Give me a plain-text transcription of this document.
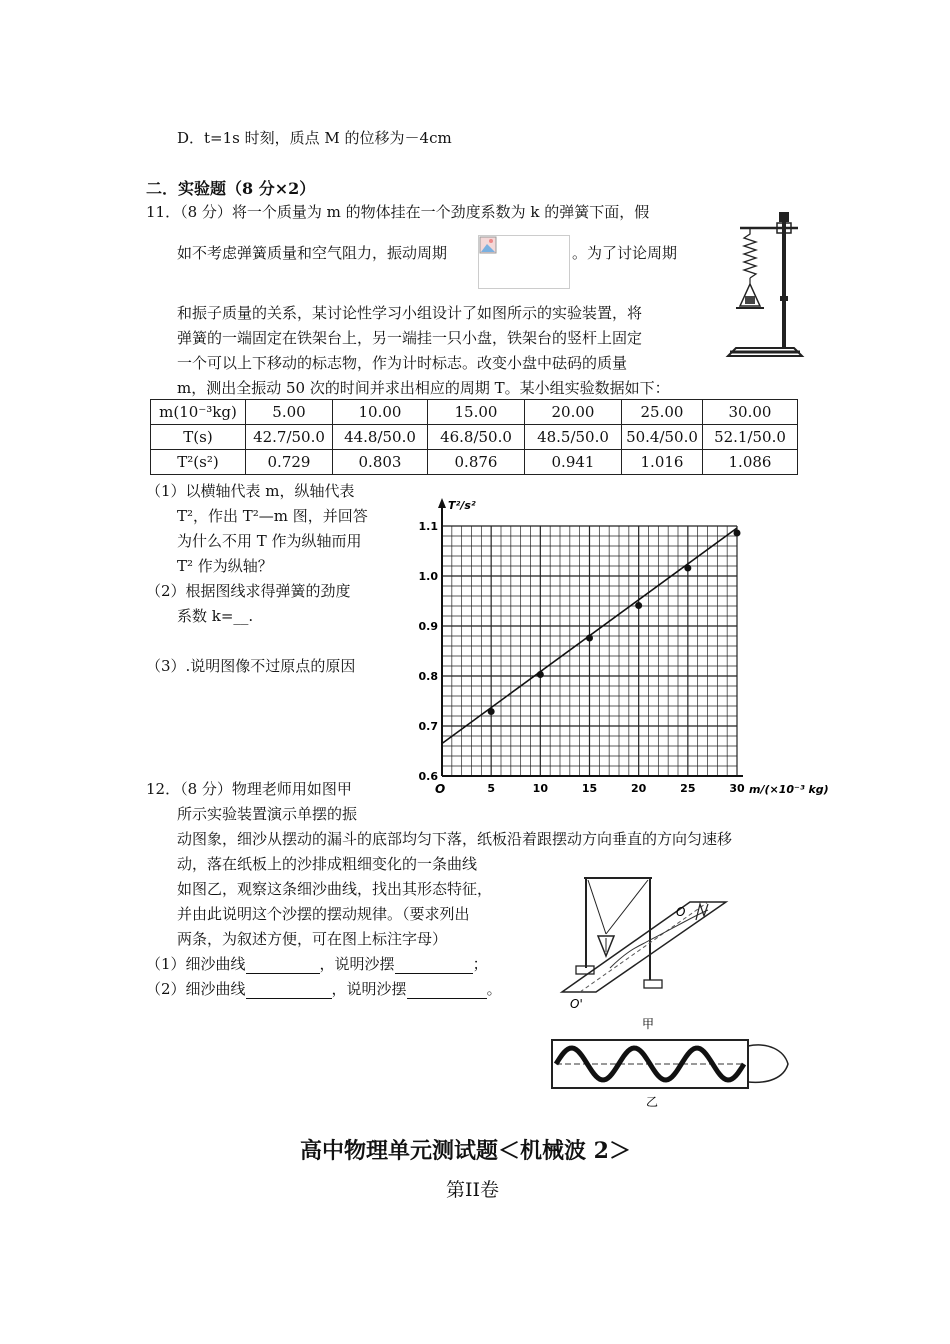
D．t=1s 时刻，质点 M 的位移为－4cm
二．实验题（8 分×2）
11．（8 分）将一个质量为 m 的物体挂在一个劲度系数为 k 的弹簧下面，假
如不考虑弹簧质量和空气阻力，振动周期	。为了讨论周期
和振子质量的关系，某讨论性学习小组设计了如图所示的实验装置，将
弹簧的一端固定在铁架台上，另一端挂一只小盘，铁架台的竖杆上固定
一个可以上下移动的标志物，作为计时标志。改变小盘中砝码的质量
m，测出全振动 50 次的时间并求出相应的周期 T。某小组实验数据如下：
m(10⁻³kg)	5.00	10.00	15.00	20.00	25.00	30.00
T(s)	42.7/50.0	44.8/50.0	46.8/50.0	48.5/50.0	50.4/50.0	52.1/50.0
T²(s²)	0.729	0.803	0.876	0.941	1.016	1.086
（1）以横轴代表 m，纵轴代表
T²，作出 T²—m 图，并回答
为什么不用 T 作为纵轴而用
T² 作为纵轴？
（2）根据图线求得弹簧的劲度
系数 k=__.
（3）.说明图像不过原点的原因
5	10	15	20	25	30
0.6
0.7
0.8
0.9
1.0
1.1
T²/s²
m/(×10⁻³ kg)
O
12．（8 分）物理老师用如图甲
所示实验装置演示单摆的振
动图象，细沙从摆动的漏斗的底部均匀下落，纸板沿着跟摆动方向垂直的方向匀速移
动，落在纸板上的沙排成粗细变化的一条曲线
如图乙，观察这条细沙曲线，找出其形态特征，
并由此说明这个沙摆的摆动规律。（要求列出
两条，为叙述方便，可在图上标注字母）
（1）细沙曲线	，说明沙摆	；
（2）细沙曲线	，说明沙摆	。
O
O'
甲
乙
高中物理单元测试题＜机械波 2＞
第II卷
